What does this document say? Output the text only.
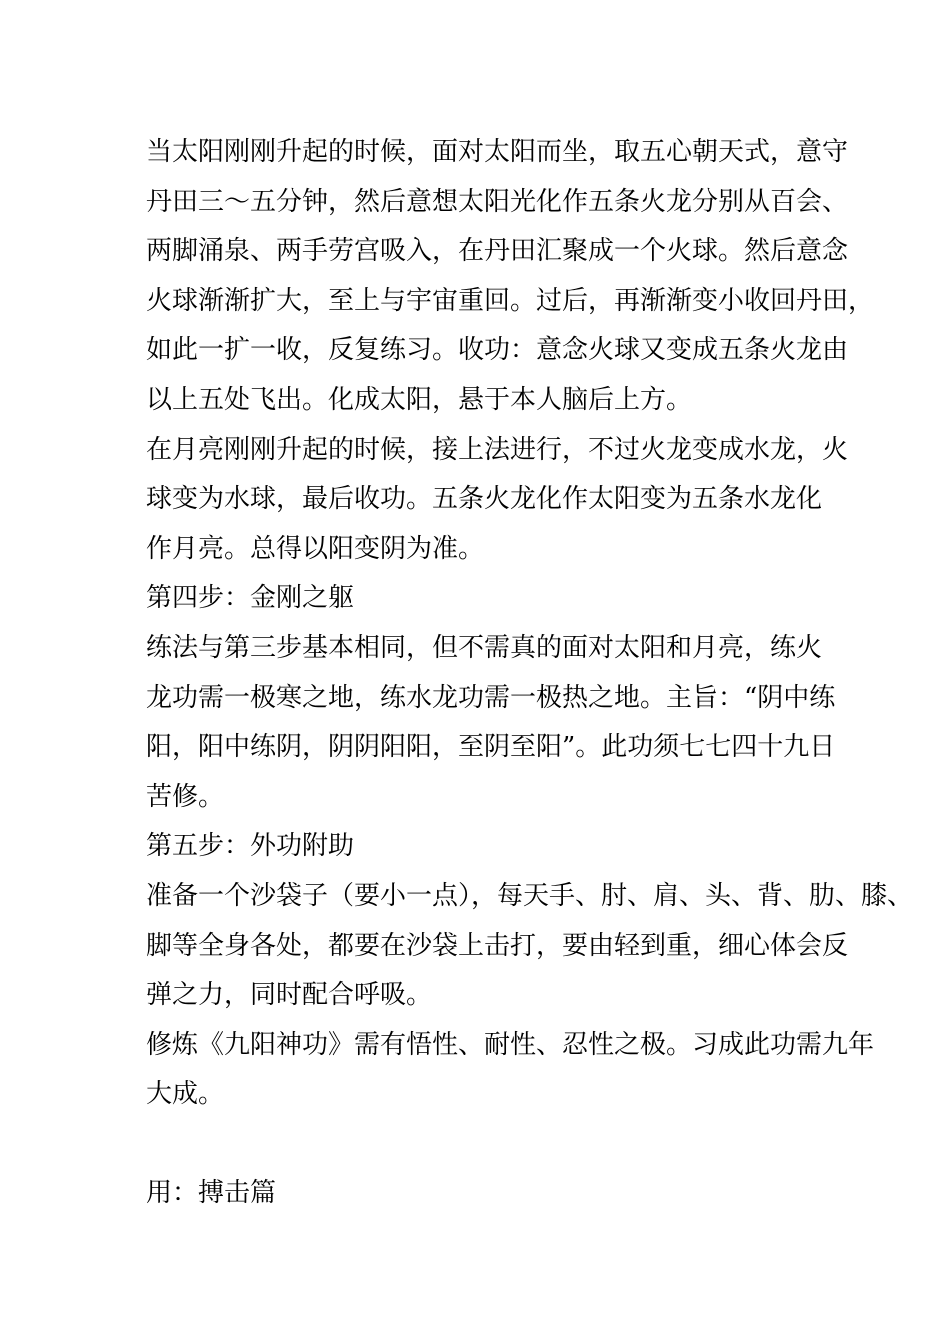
当太阳刚刚升起的时候，面对太阳而坐，取五心朝天式，意守
丹田三～五分钟，然后意想太阳光化作五条火龙分别从百会、
两脚涌泉、两手劳宫吸入，在丹田汇聚成一个火球。然后意念
火球渐渐扩大，至上与宇宙重回。过后，再渐渐变小收回丹田，
如此一扩一收，反复练习。收功：意念火球又变成五条火龙由
以上五处飞出。化成太阳，悬于本人脑后上方。
在月亮刚刚升起的时候，接上法进行，不过火龙变成水龙，火
球变为水球，最后收功。五条火龙化作太阳变为五条水龙化
作月亮。总得以阳变阴为准。
第四步：金刚之躯
练法与第三步基本相同，但不需真的面对太阳和月亮，练火
龙功需一极寒之地，练水龙功需一极热之地。主旨：“阴中练
阳，阳中练阴，阴阴阳阳，至阴至阳”。此功须七七四十九日
苦修。
第五步：外功附助
准备一个沙袋子（要小一点），每天手、肘、肩、头、背、肋、膝、
脚等全身各处，都要在沙袋上击打，要由轻到重，细心体会反
弹之力，同时配合呼吸。
修炼《九阳神功》需有悟性、耐性、忍性之极。习成此功需九年
大成。
用：搏击篇
